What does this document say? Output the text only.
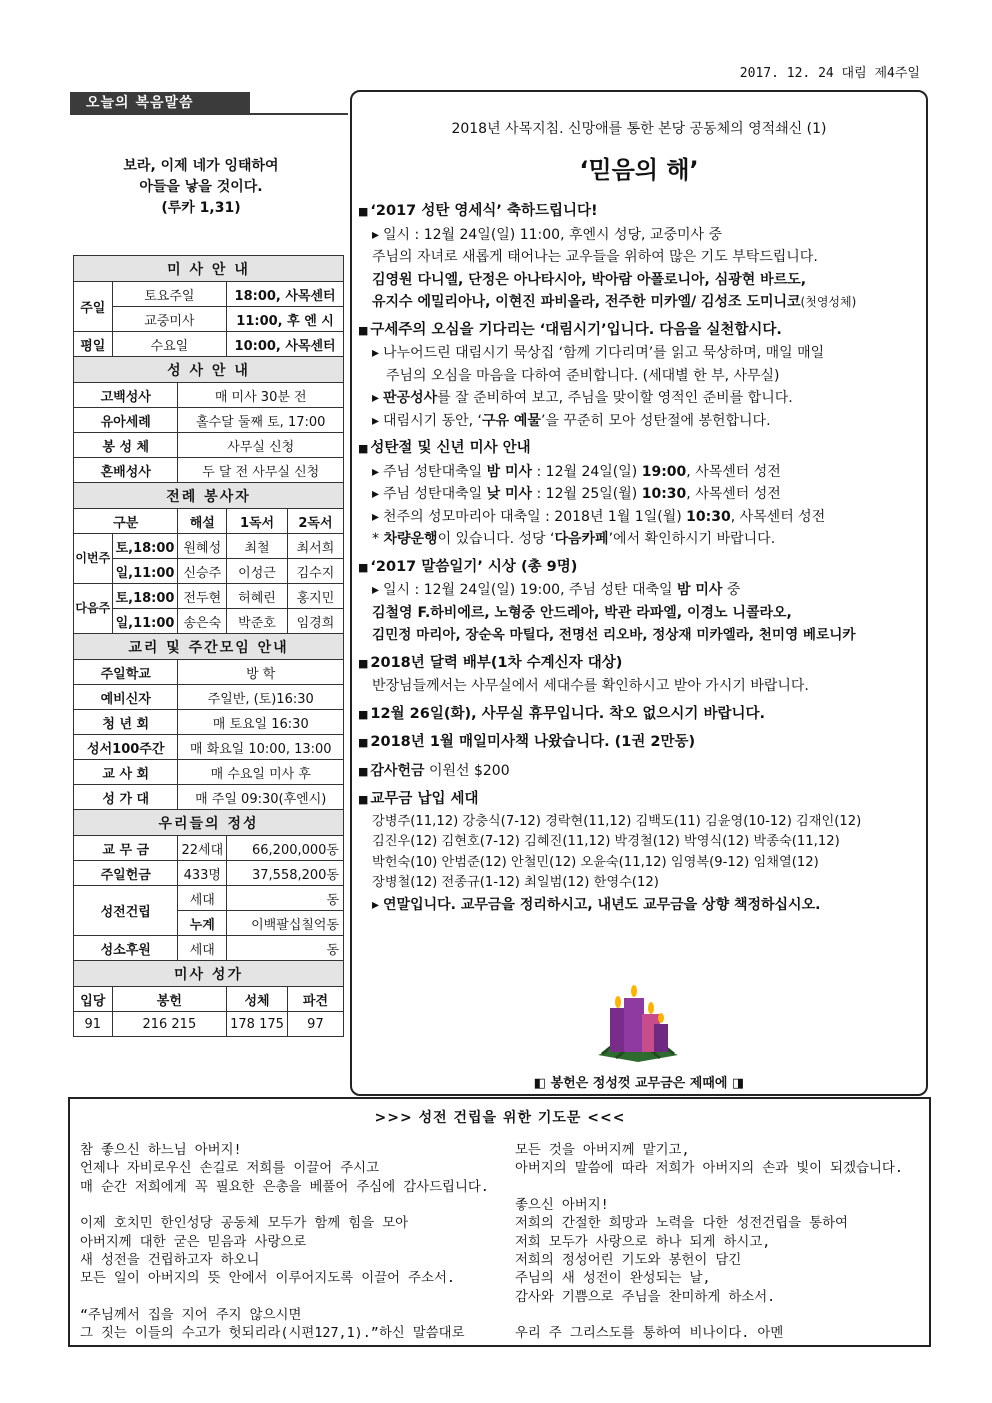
2017. 12. 24 대림 제4주일
오늘의 복음말씀
보라, 이제 네가 잉태하여
아들을 낳을 것이다.
(루카 1,31)
미 사 안 내				
주일	토요주일		18:00, 사목센터	
	교중미사		11:00, 후 엔 시	
평일	수요일		10:00, 사목센터	
성 사 안 내				
고백성사		매 미사 30분 전		
유아세례		홀수달 둘째 토, 17:00		
봉 성 체		사무실 신청		
혼배성사		두 달 전 사무실 신청		
전례 봉사자				
구분		해설	1독서	2독서
이번주	토,18:00	원혜성	최철	최서희
	일,11:00	신승주	이성근	김수지
다음주	토,18:00	전두현	허혜린	홍지민
	일,11:00	송은숙	박준호	임경희
교리 및 주간모임 안내				
주일학교		방 학		
예비신자		주일반, (토)16:30		
청 년 회		매 토요일 16:30		
성서100주간		매 화요일 10:00, 13:00		
교 사 회		매 수요일 미사 후		
성 가 대		매 주일 09:30(후엔시)		
우리들의 정성				
교 무 금		22세대	66,200,000동	
주일헌금		433명	37,558,200동	
성전건립		세대	동	
		누계	이백팔십칠억동	
성소후원		세대	동	
미사 성가				
입당	봉헌		성체	파견
91	216 215		178 175	97
2018년 사목지침. 신망애를 통한 본당 공동체의 영적쇄신 (1)
‘믿음의 해’
■ ‘2017 성탄 영세식’ 축하드립니다!
▸ 일시 : 12월 24일(일) 11:00, 후엔시 성당, 교중미사 중
주님의 자녀로 새롭게 태어나는 교우들을 위하여 많은 기도 부탁드립니다.
김영원 다니엘, 단정은 아나타시아, 박아람 아폴로니아, 심광현 바르도,
유지수 에밀리아나, 이현진 파비올라, 전주한 미카엘/ 김성조 도미니코(첫영성체)
■ 구세주의 오심을 기다리는 ‘대림시기’입니다. 다음을 실천합시다.
▸ 나누어드린 대림시기 묵상집 ‘함께 기다리며’를 읽고 묵상하며, 매일 매일
주님의 오심을 마음을 다하여 준비합니다. (세대별 한 부, 사무실)
▸ 판공성사를 잘 준비하여 보고, 주님을 맞이할 영적인 준비를 합니다.
▸ 대림시기 동안, ‘구유 예물’을 꾸준히 모아 성탄절에 봉헌합니다.
■ 성탄절 및 신년 미사 안내
▸ 주님 성탄대축일 밤 미사 : 12월 24일(일) 19:00, 사목센터 성전
▸ 주님 성탄대축일 낮 미사 : 12월 25일(월) 10:30, 사목센터 성전
▸ 천주의 성모마리아 대축일 : 2018년 1월 1일(월) 10:30, 사목센터 성전
* 차량운행이 있습니다. 성당 ‘다음카페’에서 확인하시기 바랍니다.
■ ‘2017 말씀일기’ 시상 (총 9명)
▸ 일시 : 12월 24일(일) 19:00, 주님 성탄 대축일 밤 미사 중
김철영 F.하비에르, 노형중 안드레아, 박관 라파엘, 이경노 니콜라오,
김민정 마리아, 장순옥 마틸다, 전명선 리오바, 정상재 미카엘라, 천미영 베로니카
■ 2018년 달력 배부(1차 수계신자 대상)
반장님들께서는 사무실에서 세대수를 확인하시고 받아 가시기 바랍니다.
■ 12월 26일(화), 사무실 휴무입니다. 착오 없으시기 바랍니다.
■ 2018년 1월 매일미사책 나왔습니다. (1권 2만동)
■ 감사헌금 이원선 $200
■ 교무금 납입 세대
강병주(11,12) 강충식(7-12) 경락현(11,12) 김백도(11) 김윤영(10-12) 김재인(12)
김진우(12) 김현호(7-12) 김혜진(11,12) 박경철(12) 박영식(12) 박종숙(11,12)
박헌숙(10) 안범준(12) 안철민(12) 오윤숙(11,12) 임영복(9-12) 임채열(12)
장병철(12) 전종규(1-12) 최일범(12) 한영수(12)
▸ 연말입니다. 교무금을 정리하시고, 내년도 교무금을 상향 책정하십시오.
◧ 봉헌은 정성껏 교무금은 제때에 ◨
>>> 성전 건립을 위한 기도문 <<<
참 좋으신 하느님 아버지!
언제나 자비로우신 손길로 저희를 이끌어 주시고
매 순간 저희에게 꼭 필요한 은총을 베풀어 주심에 감사드립니다.
이제 호치민 한인성당 공동체 모두가 함께 힘을 모아
아버지께 대한 굳은 믿음과 사랑으로
새 성전을 건립하고자 하오니
모든 일이 아버지의 뜻 안에서 이루어지도록 이끌어 주소서.
“주님께서 집을 지어 주지 않으시면
그 짓는 이들의 수고가 헛되리라(시편127,1).”하신 말씀대로
모든 것을 아버지께 맡기고,
아버지의 말씀에 따라 저희가 아버지의 손과 빛이 되겠습니다.
좋으신 아버지!
저희의 간절한 희망과 노력을 다한 성전건립을 통하여
저희 모두가 사랑으로 하나 되게 하시고,
저희의 정성어린 기도와 봉헌이 담긴
주님의 새 성전이 완성되는 날,
감사와 기쁨으로 주님을 찬미하게 하소서.
우리 주 그리스도를 통하여 비나이다. 아멘
